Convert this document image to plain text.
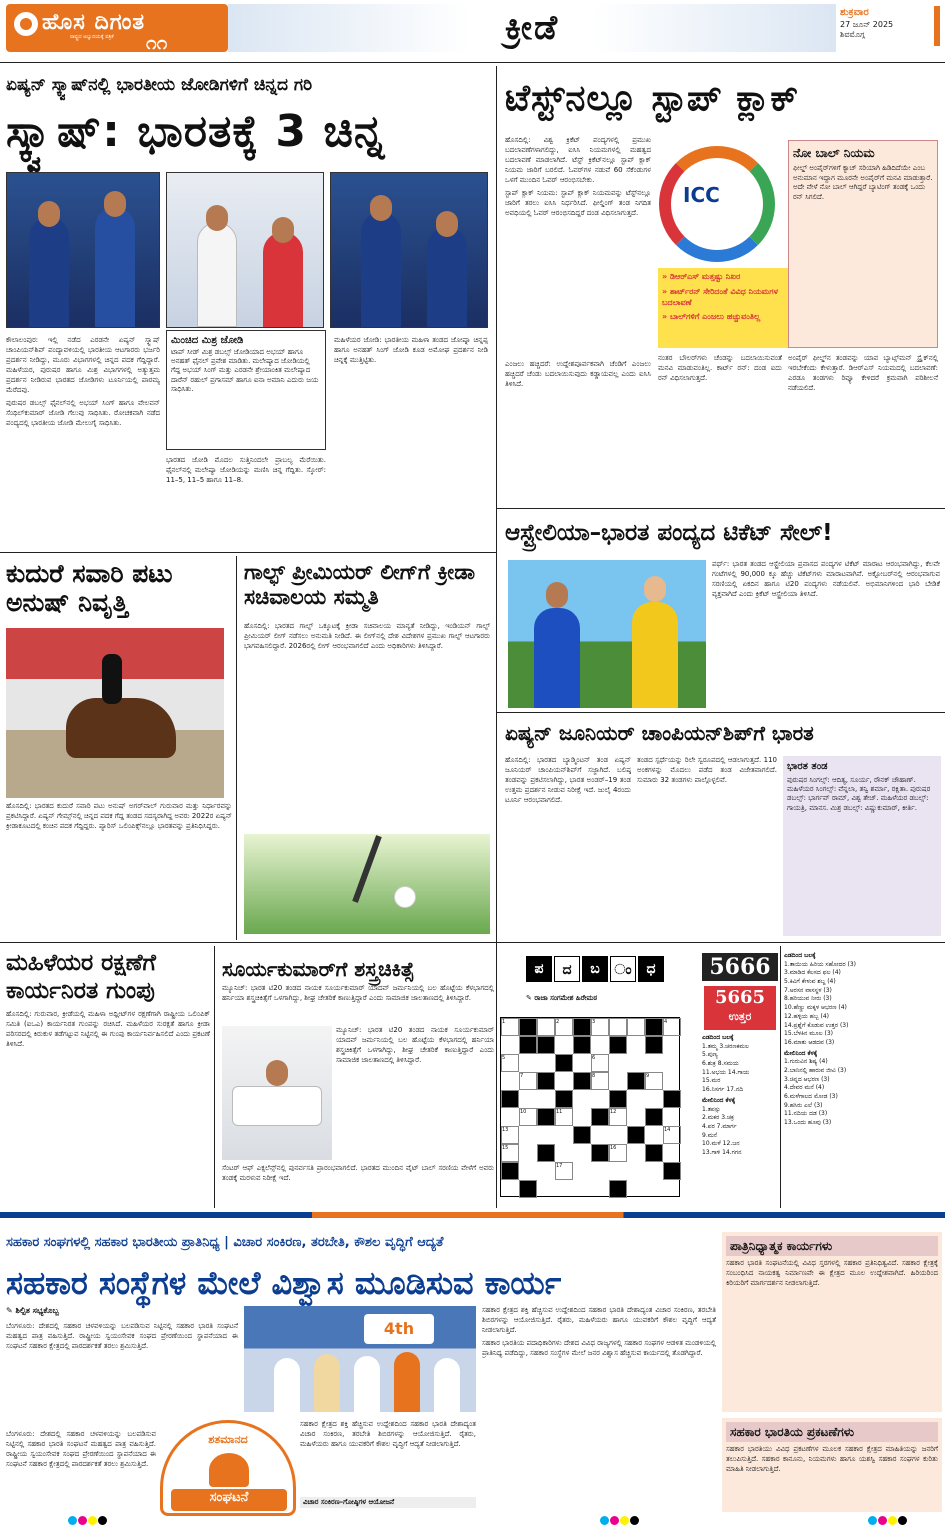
ಹೊಸ ದಿಗಂತ
ರಾಷ್ಟ್ರದ ಅಭ್ಯುದಯಕ್ಕೆ ಪತ್ರಿಕೆ ೧೧	ಕ್ರೀಡೆ	ಶುಕ್ರವಾರ
27 ಜೂನ್ 2025
ಶಿವಮೊಗ್ಗ
ಏಷ್ಯನ್ ಸ್ಕ್ವಾಷ್‌ನಲ್ಲಿ ಭಾರತೀಯ ಜೋಡಿಗಳಿಗೆ ಚಿನ್ನದ ಗರಿ
ಸ್ಕ್ವಾಷ್: ಭಾರತಕ್ಕೆ 3 ಚಿನ್ನ
ಕೌಲಾಲಂಪುರ: ಇಲ್ಲಿ ನಡೆದ ಎರಡನೇ ಏಷ್ಯನ್ ಸ್ಕ್ವಾಷ್ ಚಾಂಪಿಯನ್‌ಶಿಪ್ ಪಂದ್ಯಾವಳಿಯಲ್ಲಿ ಭಾರತೀಯ ಆಟಗಾರರು ಭರ್ಜರಿ ಪ್ರದರ್ಶನ ನೀಡಿದ್ದು, ಮೂರು ವಿಭಾಗಗಳಲ್ಲಿ ಚಿನ್ನದ ಪದಕ ಗೆದ್ದಿದ್ದಾರೆ. ಮಹಿಳೆಯರ, ಪುರುಷರ ಹಾಗೂ ಮಿಶ್ರ ವಿಭಾಗಗಳಲ್ಲಿ ಅತ್ಯುತ್ತಮ ಪ್ರದರ್ಶನ ನೀಡಿರುವ ಭಾರತದ ಜೋಡಿಗಳು ಟೂರ್ನಿಯಲ್ಲಿ ಪಾರಮ್ಯ ಮೆರೆದವು.
ಪುರುಷರ ಡಬಲ್ಸ್ ಫೈನಲ್‌ನಲ್ಲಿ ಅಭಯ್ ಸಿಂಗ್ ಹಾಗೂ ವೇಲವನ್ ಸೆಂಥಿಲ್‌ಕುಮಾರ್ ಜೋಡಿ ಗೆಲುವು ಸಾಧಿಸಿತು. ರೋಚಕವಾಗಿ ನಡೆದ ಪಂದ್ಯದಲ್ಲಿ ಭಾರತೀಯ ಜೋಡಿ ಮೇಲುಗೈ ಸಾಧಿಸಿತು.
ಮಿಂಚಿದ ಮಿಶ್ರ ಜೋಡಿ
ಟಾಪ್ ಸೀಡ್ ಮಿಶ್ರ ಡಬಲ್ಸ್ ಜೋಡಿಯಾದ ಅಭಯ್ ಹಾಗೂ ಅನಹತ್ ಫೈನಲ್ ಪ್ರವೇಶ ಮಾಡಿತು. ಮಲೇಷ್ಯಾದ ಜೋಡಿಯಲ್ಲಿ ಗೆದ್ದ ಅಭಯ್ ಸಿಂಗ್ ಮತ್ತು ಎರಡನೇ ಶ್ರೇಯಾಂಕಿತ ಮಲೇಷ್ಯಾದ ದಾರೆನ್ ರಹುಲ್ ಪ್ರಗಾಸಮ್ ಹಾಗೂ ಐನಾ ಅಮಾನಿ ಎದುರು ಜಯ ಸಾಧಿಸಿತು.
ಭಾರತದ ಜೋಡಿ ಮೊದಲ ಸುತ್ತಿನಿಂದಲೇ ಪ್ರಾಬಲ್ಯ ಮೆರೆಯಿತು. ಫೈನಲ್‌ನಲ್ಲಿ ಮಲೇಷ್ಯಾ ಜೋಡಿಯನ್ನು ಮಣಿಸಿ ಚಿನ್ನ ಗೆದ್ದಿತು. ಸ್ಕೋರ್: 11–5, 11–5 ಹಾಗೂ 11–8.
ಮಹಿಳೆಯರ ಜೋಡಿ: ಭಾರತೀಯ ಮಹಿಳಾ ತಂಡದ ಜೋಷ್ನಾ ಚಿನ್ನಪ್ಪ ಹಾಗೂ ಅನಹತ್ ಸಿಂಗ್ ಜೋಡಿ ಕೂಡ ಅಮೋಘ ಪ್ರದರ್ಶನ ನೀಡಿ ಚಿನ್ನಕ್ಕೆ ಮುತ್ತಿಟ್ಟಿತು.
ಟೆಸ್ಟ್‌ನಲ್ಲೂ ಸ್ಟಾಪ್ ಕ್ಲಾಕ್
ಹೊಸದಿಲ್ಲಿ: ವಿಶ್ವ ಕ್ರಿಕೆಟ್ ಪಂದ್ಯಗಳಲ್ಲಿ ಪ್ರಮುಖ ಬದಲಾವಣೆಗಳಾಗಲಿದ್ದು, ಐಸಿಸಿ ನಿಯಮಗಳಲ್ಲಿ ಮಹತ್ವದ ಬದಲಾವಣೆ ಮಾಡಲಾಗಿದೆ. ಟೆಸ್ಟ್ ಕ್ರಿಕೆಟ್‌ನಲ್ಲೂ ಸ್ಟಾಪ್ ಕ್ಲಾಕ್ ನಿಯಮ ಜಾರಿಗೆ ಬರಲಿದೆ. ಓವರ್‌ಗಳ ನಡುವೆ 60 ಸೆಕೆಂಡುಗಳ ಒಳಗೆ ಮುಂದಿನ ಓವರ್ ಆರಂಭಿಸಬೇಕು.
ಸ್ಟಾಪ್ ಕ್ಲಾಕ್ ನಿಯಮ: ಸ್ಟಾಪ್ ಕ್ಲಾಕ್ ನಿಯಮವನ್ನು ಟೆಸ್ಟ್‌ನಲ್ಲೂ ಜಾರಿಗೆ ತರಲು ಐಸಿಸಿ ನಿರ್ಧರಿಸಿದೆ. ಫೀಲ್ಡಿಂಗ್ ತಂಡ ನಿಗದಿತ ಅವಧಿಯಲ್ಲಿ ಓವರ್ ಆರಂಭಿಸದಿದ್ದರೆ ದಂಡ ವಿಧಿಸಲಾಗುತ್ತದೆ.
ಎಂಜಲು ಹಚ್ಚಿದರೆ: ಉದ್ದೇಶಪೂರ್ವಕವಾಗಿ ಚೆಂಡಿಗೆ ಎಂಜಲು ಹಚ್ಚಿದರೆ ಚೆಂಡು ಬದಲಾಯಿಸುವುದು ಕಡ್ಡಾಯವಲ್ಲ ಎಂದು ಐಸಿಸಿ ತಿಳಿಸಿದೆ.
ICC
» ಡಿಆರ್‌ಎಸ್ ಮತ್ತಷ್ಟು ನಿಖರ
» ಶಾರ್ಟ್‌ರನ್ ಸೇರಿದಂತೆ ವಿವಿಧ ನಿಯಮಗಳ ಬದಲಾವಣೆ
» ಬಾಲ್‌ಗಳಿಗೆ ಎಂಜಲು ಹಚ್ಚುವಂತಿಲ್ಲ
ನೋ ಬಾಲ್ ನಿಯಮ
ಫೀಲ್ಡ್ ಅಂಪೈರ್‌ಗಳಿಗೆ ಕ್ಯಾಚ್ ಸರಿಯಾಗಿ ಹಿಡಿದಿದೆಯೇ ಎಂಬ ಅನುಮಾನ ಇದ್ದಾಗ ಮೂರನೇ ಅಂಪೈರ್‌ಗೆ ಮನವಿ ಮಾಡುತ್ತಾರೆ. ಅದೇ ವೇಳೆ ನೋ ಬಾಲ್ ಆಗಿದ್ದರೆ ಬ್ಯಾಟಿಂಗ್ ತಂಡಕ್ಕೆ ಒಂದು ರನ್ ಸಿಗಲಿದೆ.
ನಂತರ ಬೌಲರ್‌ಗಳು ಚೆಂಡನ್ನು ಬದಲಾಯಿಸುವಂತೆ ಮನವಿ ಮಾಡುವಂತಿಲ್ಲ. ಕಾರ್ಟ್ ರನ್: ದಂಡ ಐದು ರನ್ ವಿಧಿಸಲಾಗುತ್ತದೆ.
ಅಂಪೈರ್ ಫೀಲ್ಡ್‌ನ ತಂಡವನ್ನು ಯಾವ ಬ್ಯಾಟ್ಸ್‌ಮನ್ ಸ್ಟ್ರೈಕ್‌ನಲ್ಲಿ ಇರಬೇಕೆಂದು ಕೇಳುತ್ತಾರೆ. ಡಿಆರ್‌ಎಸ್ ನಿಯಮದಲ್ಲಿ ಬದಲಾವಣೆ: ಎರಡೂ ತಂಡಗಳು ರಿವ್ಯೂ ಕೇಳಿದರೆ ಕ್ರಮವಾಗಿ ಪರಿಶೀಲನೆ ನಡೆಯಲಿದೆ.
ಆಸ್ಟ್ರೇಲಿಯಾ–ಭಾರತ ಪಂದ್ಯದ ಟಿಕೆಟ್ ಸೇಲ್!
ಪರ್ಥ್: ಭಾರತ ತಂಡದ ಆಸ್ಟ್ರೇಲಿಯಾ ಪ್ರವಾಸದ ಪಂದ್ಯಗಳ ಟಿಕೆಟ್ ಮಾರಾಟ ಆರಂಭವಾಗಿದ್ದು, ಕೆಲವೇ ಗಂಟೆಗಳಲ್ಲಿ 90,000 ಕ್ಕೂ ಹೆಚ್ಚು ಟಿಕೆಟ್‌ಗಳು ಮಾರಾಟವಾಗಿವೆ. ಅಕ್ಟೋಬರ್‌ನಲ್ಲಿ ಆರಂಭವಾಗುವ ಸರಣಿಯಲ್ಲಿ ಏಕದಿನ ಹಾಗೂ ಟಿ20 ಪಂದ್ಯಗಳು ನಡೆಯಲಿವೆ. ಅಭಿಮಾನಿಗಳಿಂದ ಭಾರಿ ಬೇಡಿಕೆ ವ್ಯಕ್ತವಾಗಿದೆ ಎಂದು ಕ್ರಿಕೆಟ್ ಆಸ್ಟ್ರೇಲಿಯಾ ತಿಳಿಸಿದೆ.
ಏಷ್ಯನ್ ಜೂನಿಯರ್ ಚಾಂಪಿಯನ್‌ಶಿಪ್‌ಗೆ ಭಾರತ
ಹೊಸದಿಲ್ಲಿ: ಭಾರತದ ಬ್ಯಾಡ್ಮಿಂಟನ್ ತಂಡ ಏಷ್ಯನ್ ಜೂನಿಯರ್ ಚಾಂಪಿಯನ್‌ಶಿಪ್‌ಗೆ ಸಜ್ಜಾಗಿದೆ. ಬಲಿಷ್ಠ ತಂಡವನ್ನು ಪ್ರಕಟಿಸಲಾಗಿದ್ದು, ಭಾರತ ಅಂಡರ್–19 ತಂಡ ಉತ್ತಮ ಪ್ರದರ್ಶನ ನೀಡುವ ನಿರೀಕ್ಷೆ ಇದೆ. ಜುಲೈ 4ರಂದು ಟೂರ್ನಿ ಆರಂಭವಾಗಲಿದೆ.
ತಂಡದ ಸ್ಪರ್ಧೆಯನ್ನು ರಿಲೇ ಸ್ವರೂಪದಲ್ಲಿ ಆಡಲಾಗುತ್ತದೆ. 110 ಅಂಕಗಳನ್ನು ಮೊದಲು ಪಡೆದ ತಂಡ ವಿಜೇತವಾಗಲಿದೆ. ಸುಮಾರು 32 ತಂಡಗಳು ಪಾಲ್ಗೊಳ್ಳಲಿವೆ.
ಭಾರತ ತಂಡ
ಪುರುಷರ ಸಿಂಗಲ್ಸ್: ಆದಿತ್ಯ, ಸೂರ್ಯ, ರೌನಕ್ ಚೌಹಾಣ್. ಮಹಿಳೆಯರ ಸಿಂಗಲ್ಸ್: ವೆನ್ನಲಾ, ತನ್ವಿ ಶರ್ಮಾ, ರಕ್ಷಿತಾ. ಪುರುಷರ ಡಬಲ್ಸ್: ಭಾರ್ಗವ್ ರಾಮ್, ವಿಶ್ವ ತೇಜ್. ಮಹಿಳೆಯರ ಡಬಲ್ಸ್: ಗಾಯತ್ರಿ, ಮಾನಸ. ಮಿಶ್ರ ಡಬಲ್ಸ್: ವಿಷ್ಣುಕುಮಾರ್, ಕೀರ್ತಿ.
ಕುದುರೆ ಸವಾರಿ ಪಟು ಅನುಷ್ ನಿವೃತ್ತಿ
ಹೊಸದಿಲ್ಲಿ: ಭಾರತದ ಕುದುರೆ ಸವಾರಿ ಪಟು ಅನುಷ್ ಅಗರ್‌ವಾಲ್ ಗುರುವಾರ ಮತ್ತು ನಿರ್ಧಾರವನ್ನು ಪ್ರಕಟಿಸಿದ್ದಾರೆ. ಏಷ್ಯನ್ ಗೇಮ್ಸ್‌ನಲ್ಲಿ ಚಿನ್ನದ ಪದಕ ಗೆದ್ದ ತಂಡದ ಸದಸ್ಯರಾಗಿದ್ದ ಅವರು 2022ರ ಏಷ್ಯನ್ ಕ್ರೀಡಾಕೂಟದಲ್ಲಿ ಕಂಚಿನ ಪದಕ ಗೆದ್ದಿದ್ದರು. ಪ್ಯಾರಿಸ್ ಒಲಿಂಪಿಕ್ಸ್‌ನಲ್ಲೂ ಭಾರತವನ್ನು ಪ್ರತಿನಿಧಿಸಿದ್ದರು.
ಗಾಲ್ಫ್ ಪ್ರೀಮಿಯರ್ ಲೀಗ್‌ಗೆ ಕ್ರೀಡಾ ಸಚಿವಾಲಯ ಸಮ್ಮತಿ
ಹೊಸದಿಲ್ಲಿ: ಭಾರತದ ಗಾಲ್ಫ್ ಒಕ್ಕೂಟಕ್ಕೆ ಕ್ರೀಡಾ ಸಚಿವಾಲಯ ಮಾನ್ಯತೆ ನೀಡಿದ್ದು, ಇಂಡಿಯನ್ ಗಾಲ್ಫ್ ಪ್ರೀಮಿಯರ್ ಲೀಗ್ ನಡೆಸಲು ಅನುಮತಿ ನೀಡಿದೆ. ಈ ಲೀಗ್‌ನಲ್ಲಿ ದೇಶ ವಿದೇಶಗಳ ಪ್ರಮುಖ ಗಾಲ್ಫ್ ಆಟಗಾರರು ಭಾಗವಹಿಸಲಿದ್ದಾರೆ. 2026ರಲ್ಲಿ ಲೀಗ್ ಆರಂಭವಾಗಲಿದೆ ಎಂದು ಅಧಿಕಾರಿಗಳು ತಿಳಿಸಿದ್ದಾರೆ.
ಮಹಿಳೆಯರ ರಕ್ಷಣೆಗೆ ಕಾರ್ಯನಿರತ ಗುಂಪು
ಹೊಸದಿಲ್ಲಿ: ಗುರುವಾರ, ಕ್ರೀಡೆಯಲ್ಲಿ ಮಹಿಳಾ ಅಥ್ಲೀಟ್‌ಗಳ ರಕ್ಷಣೆಗಾಗಿ ರಾಷ್ಟ್ರೀಯ ಒಲಿಂಪಿಕ್ ಸಮಿತಿ (ಐಒಎ) ಕಾರ್ಯನಿರತ ಗುಂಪನ್ನು ರಚಿಸಿದೆ. ಮಹಿಳೆಯರ ಸುರಕ್ಷತೆ ಹಾಗೂ ಕ್ರೀಡಾ ಪರಿಸರದಲ್ಲಿ ಕಿರುಕುಳ ತಡೆಗಟ್ಟುವ ನಿಟ್ಟಿನಲ್ಲಿ ಈ ಗುಂಪು ಕಾರ್ಯನಿರ್ವಹಿಸಲಿದೆ ಎಂದು ಪ್ರಕಟಣೆ ತಿಳಿಸಿದೆ.
ಸೂರ್ಯಕುಮಾರ್‌ಗೆ ಶಸ್ತ್ರಚಿಕಿತ್ಸೆ
ಮ್ಯೂನಿಚ್: ಭಾರತ ಟಿ20 ತಂಡದ ನಾಯಕ ಸೂರ್ಯಕುಮಾರ್ ಯಾದವ್ ಜರ್ಮನಿಯಲ್ಲಿ ಬಲ ಹೊಟ್ಟೆಯ ಕೆಳಭಾಗದಲ್ಲಿ ಹರ್ನಿಯಾ ಶಸ್ತ್ರಚಿಕಿತ್ಸೆಗೆ ಒಳಗಾಗಿದ್ದು, ಶೀಘ್ರ ಚೇತರಿಕೆ ಕಾಣುತ್ತಿದ್ದಾರೆ ಎಂದು ಸಾಮಾಜಿಕ ಜಾಲತಾಣದಲ್ಲಿ ತಿಳಿಸಿದ್ದಾರೆ.
ಮ್ಯೂನಿಚ್: ಭಾರತ ಟಿ20 ತಂಡದ ನಾಯಕ ಸೂರ್ಯಕುಮಾರ್ ಯಾದವ್ ಜರ್ಮನಿಯಲ್ಲಿ ಬಲ ಹೊಟ್ಟೆಯ ಕೆಳಭಾಗದಲ್ಲಿ ಹರ್ನಿಯಾ ಶಸ್ತ್ರಚಿಕಿತ್ಸೆಗೆ ಒಳಗಾಗಿದ್ದು, ಶೀಘ್ರ ಚೇತರಿಕೆ ಕಾಣುತ್ತಿದ್ದಾರೆ ಎಂದು ಸಾಮಾಜಿಕ ಜಾಲತಾಣದಲ್ಲಿ ತಿಳಿಸಿದ್ದಾರೆ.
ಸೆಂಟರ್ ಆಫ್ ಎಕ್ಸಲೆನ್ಸ್‌ನಲ್ಲಿ ಪುನರ್ವಸತಿ ಪ್ರಾರಂಭವಾಗಲಿದೆ. ಭಾರತದ ಮುಂದಿನ ವೈಟ್ ಬಾಲ್ ಸರಣಿಯ ವೇಳೆಗೆ ಅವರು ತಂಡಕ್ಕೆ ಮರಳುವ ನಿರೀಕ್ಷೆ ಇದೆ.
ಪ	ದ	ಬ	ಂ	ಧ	5666
✎ ರಾಜಾ ಸಂಗಮೇಶ ಹಿರೇಮಠ	5665
ಉತ್ತರ
1	2	3	4
5	6
7	8	9
10	11	12
13	14
15	16
17
ಎಡದಿಂದ ಬಲಕ್ಕೆ
1.ತಮ್ಮ 3.ಚರಣಕಮಲ
5.ಪುಣ್ಯ
6.ಶುಕ್ರ 8.ಸಮಯ
11.ಅಭಯ 14.ಗಾಯ
15.ಮರ
16.ನಿಸರ್ಗ 17.ನದಿ
ಮೇಲಿನಿಂದ ಕೆಳಕ್ಕೆ
1.ತಪಸ್ಸು
2.ಮಕರ 3.ಚಕ್ರ
4.ಪರ 7.ಮಾರ್ಗ
9.ಮನೆ
10.ಮಳೆ 12.ಜನ
13.ಗಾಳಿ 14.ಗಗನ
ಎಡದಿಂದ ಬಲಕ್ಕೆ
1.ತಾಯಿಯ ಹಿರಿಯ ಸಹೋದರ (3)
3.ಮಾಡಿದ ಕೆಲಸದ ಫಲ (4)
5.ಕಿವಿಗೆ ಕೇಳುವ ಶಬ್ದ (4)
7.ಅರಸನ ವಾಸಸ್ಥಳ (3)
8.ಹರಿಯುವ ನೀರು (3)
10.ಹೆಣ್ಣು ಮಕ್ಕಳ ಆಭರಣ (4)
12.ಹಳ್ಳಿಯ ಹಬ್ಬ (4)
14.ಪ್ರಶ್ನೆಗೆ ಕೊಡುವ ಉತ್ತರ (3)
15.ಬೆಳಕಿನ ಮೂಲ (3)
16.ಮಾತು ಆಡದವ (3)
ಮೇಲಿನಿಂದ ಕೆಳಕ್ಕೆ
1.ಗುರುವಿನ ಶಿಷ್ಯ (4)
2.ಬಾನಿನಲ್ಲಿ ಹಾರುವ ಜೀವಿ (3)
3.ಚಿನ್ನದ ಆಭರಣ (3)
4.ದೇವರ ಮನೆ (4)
6.ಮಳೆಗಾಲದ ಮೋಡ (3)
9.ಹಸಿರು ಎಲೆ (3)
11.ನದಿಯ ದಡ (3)
13.ಒಂದು ಹೂವು (3)
ಸಹಕಾರ ಸಂಘಗಳಲ್ಲಿ ಸಹಕಾರ ಭಾರತೀಯ ಪ್ರಾತಿನಿಧ್ಯ | ವಿಚಾರ ಸಂಕಿರಣ, ತರಬೇತಿ, ಕೌಶಲ ವೃದ್ಧಿಗೆ ಆದ್ಯತೆ
ಸಹಕಾರ ಸಂಸ್ಥೆಗಳ ಮೇಲೆ ವಿಶ್ವಾಸ ಮೂಡಿಸುವ ಕಾರ್ಯ
✎ ಶಿಲ್ಪಿತ ಸಭ್ಯಕೊಬ್ಬ
ಬೆಂಗಳೂರು: ದೇಶದಲ್ಲಿ ಸಹಕಾರ ಚಳವಳಿಯನ್ನು ಬಲಪಡಿಸುವ ನಿಟ್ಟಿನಲ್ಲಿ ಸಹಕಾರ ಭಾರತಿ ಸಂಘಟನೆ ಮಹತ್ವದ ಪಾತ್ರ ವಹಿಸುತ್ತಿದೆ. ರಾಷ್ಟ್ರೀಯ ಸ್ವಯಂಸೇವಕ ಸಂಘದ ಪ್ರೇರಣೆಯಿಂದ ಸ್ಥಾಪನೆಯಾದ ಈ ಸಂಘಟನೆ ಸಹಕಾರ ಕ್ಷೇತ್ರದಲ್ಲಿ ಪಾರದರ್ಶಕತೆ ತರಲು ಶ್ರಮಿಸುತ್ತಿದೆ.
ಬೆಂಗಳೂರು: ದೇಶದಲ್ಲಿ ಸಹಕಾರ ಚಳವಳಿಯನ್ನು ಬಲಪಡಿಸುವ ನಿಟ್ಟಿನಲ್ಲಿ ಸಹಕಾರ ಭಾರತಿ ಸಂಘಟನೆ ಮಹತ್ವದ ಪಾತ್ರ ವಹಿಸುತ್ತಿದೆ. ರಾಷ್ಟ್ರೀಯ ಸ್ವಯಂಸೇವಕ ಸಂಘದ ಪ್ರೇರಣೆಯಿಂದ ಸ್ಥಾಪನೆಯಾದ ಈ ಸಂಘಟನೆ ಸಹಕಾರ ಕ್ಷೇತ್ರದಲ್ಲಿ ಪಾರದರ್ಶಕತೆ ತರಲು ಶ್ರಮಿಸುತ್ತಿದೆ.
4th
ಶತಮಾನದ
ಸಂಘಟನೆ
ಸಹಕಾರ ಕ್ಷೇತ್ರದ ಶಕ್ತಿ ಹೆಚ್ಚಿಸುವ ಉದ್ದೇಶದಿಂದ ಸಹಕಾರ ಭಾರತಿ ದೇಶಾದ್ಯಂತ ವಿಚಾರ ಸಂಕಿರಣ, ತರಬೇತಿ ಶಿಬಿರಗಳನ್ನು ಆಯೋಜಿಸುತ್ತಿದೆ. ರೈತರು, ಮಹಿಳೆಯರು ಹಾಗೂ ಯುವಕರಿಗೆ ಕೌಶಲ ವೃದ್ಧಿಗೆ ಆದ್ಯತೆ ನೀಡಲಾಗುತ್ತಿದೆ.
ವಿಚಾರ ಸಂಕಿರಣ–ಗೋಷ್ಠಿಗಳ ಆಯೋಜನೆ
ಸಹಕಾರ ಕ್ಷೇತ್ರದ ಶಕ್ತಿ ಹೆಚ್ಚಿಸುವ ಉದ್ದೇಶದಿಂದ ಸಹಕಾರ ಭಾರತಿ ದೇಶಾದ್ಯಂತ ವಿಚಾರ ಸಂಕಿರಣ, ತರಬೇತಿ ಶಿಬಿರಗಳನ್ನು ಆಯೋಜಿಸುತ್ತಿದೆ. ರೈತರು, ಮಹಿಳೆಯರು ಹಾಗೂ ಯುವಕರಿಗೆ ಕೌಶಲ ವೃದ್ಧಿಗೆ ಆದ್ಯತೆ ನೀಡಲಾಗುತ್ತಿದೆ.
ಸಹಕಾರ ಭಾರತಿಯ ಪದಾಧಿಕಾರಿಗಳು ದೇಶದ ವಿವಿಧ ರಾಜ್ಯಗಳಲ್ಲಿ ಸಹಕಾರ ಸಂಘಗಳ ಆಡಳಿತ ಮಂಡಳಿಯಲ್ಲಿ ಪ್ರಾತಿನಿಧ್ಯ ಪಡೆದಿದ್ದು, ಸಹಕಾರ ಸಂಸ್ಥೆಗಳ ಮೇಲೆ ಜನರ ವಿಶ್ವಾಸ ಹೆಚ್ಚಿಸುವ ಕಾರ್ಯದಲ್ಲಿ ತೊಡಗಿದ್ದಾರೆ.
ಪಾತ್ರಿನಿಧ್ಯಾತ್ಮಕ ಕಾರ್ಯಗಳು
ಸಹಕಾರ ಭಾರತಿ ಸಂಘಟನೆಯಲ್ಲಿ ವಿವಿಧ ಸ್ತರಗಳಲ್ಲಿ ಸಹಕಾರ ಪ್ರತಿನಿಧಿತ್ವವಿದೆ. ಸಹಕಾರ ಕ್ಷೇತ್ರಕ್ಕೆ ಸಂಬಂಧಿಸಿದ ನಾಯಕತ್ವ ನಿರ್ಮಾಣವೇ ಈ ಕ್ಷೇತ್ರದ ಮೂಲ ಉದ್ದೇಶವಾಗಿದೆ. ಹಿರಿಯರಿಂದ ಕಿರಿಯರಿಗೆ ಮಾರ್ಗದರ್ಶನ ನೀಡಲಾಗುತ್ತಿದೆ.
ಸಹಕಾರ ಭಾರತಿಯ ಪ್ರಕಟಣೆಗಳು
ಸಹಕಾರ ಭಾರತಿಯು ವಿವಿಧ ಪ್ರಕಟಣೆಗಳ ಮೂಲಕ ಸಹಕಾರ ಕ್ಷೇತ್ರದ ಮಾಹಿತಿಯನ್ನು ಜನರಿಗೆ ತಲುಪಿಸುತ್ತಿದೆ. ಸಹಕಾರ ಕಾನೂನು, ನಿಯಮಗಳು ಹಾಗೂ ಯಶಸ್ವಿ ಸಹಕಾರ ಸಂಘಗಳ ಕುರಿತು ಮಾಹಿತಿ ನೀಡಲಾಗುತ್ತಿದೆ.
